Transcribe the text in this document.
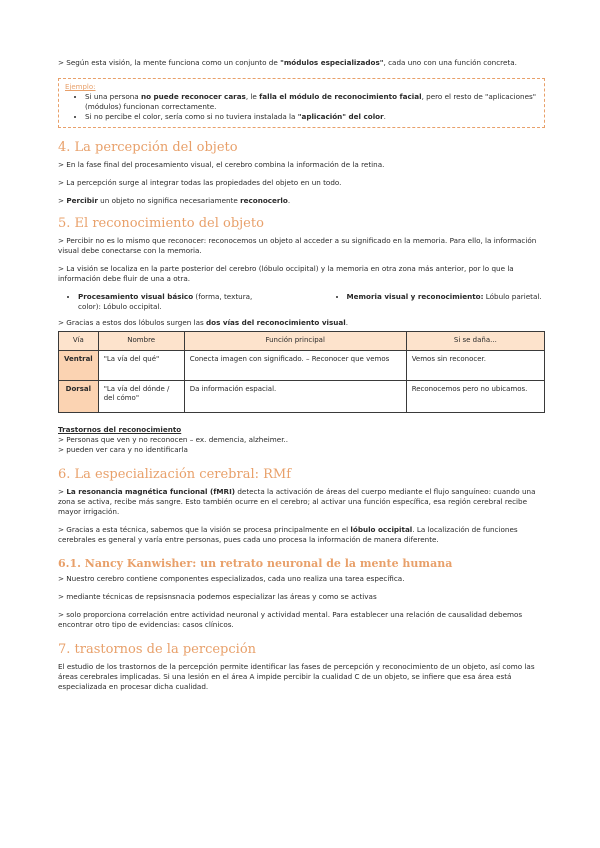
> Según esta visión, la mente funciona como un conjunto de "módulos especializados", cada uno con una función concreta.

Ejemplo:
• Si una persona no puede reconocer caras, le falla el módulo de reconocimiento facial, pero el resto de "aplicaciones" (módulos) funcionan correctamente.
• Si no percibe el color, sería como si no tuviera instalada la "aplicación" del color.
4. La percepción del objeto

> En la fase final del procesamiento visual, el cerebro combina la información de la retina.

> La percepción surge al integrar todas las propiedades del objeto en un todo.

> Percibir un objeto no significa necesariamente reconocerlo.

5. El reconocimiento del objeto

> Percibir no es lo mismo que reconocer: reconocemos un objeto al acceder a su significado en la memoria. Para ello, la información visual debe conectarse con la memoria.

> La visión se localiza en la parte posterior del cerebro (lóbulo occipital) y la memoria en otra zona más anterior, por lo que la información debe fluir de una a otra.

• Procesamiento visual básico (forma, textura, color): Lóbulo occipital.
• Memoria visual y reconocimiento: Lóbulo parietal.

> Gracias a estos dos lóbulos surgen las dos vías del reconocimiento visual.

Vía	Nombre	Función principal	Si se daña...
Ventral	"La vía del qué"	Conecta imagen con significado. – Reconocer que vemos	Vemos sin reconocer.
Dorsal	"La vía del dónde / del cómo"	Da información espacial.	Reconocemos pero no ubicamos.

Trastornos del reconocimiento

> Personas que ven y no reconocen – ex. demencia, alzheimer..

> pueden ver cara y no identificarla

6. La especialización cerebral: RMf

> La resonancia magnética funcional (fMRI) detecta la activación de áreas del cuerpo mediante el flujo sanguíneo: cuando una zona se activa, recibe más sangre. Esto también ocurre en el cerebro; al activar una función específica, esa región cerebral recibe mayor irrigación.

> Gracias a esta técnica, sabemos que la visión se procesa principalmente en el lóbulo occipital. La localización de funciones cerebrales es general y varía entre personas, pues cada uno procesa la información de manera diferente.

6.1. Nancy Kanwisher: un retrato neuronal de la mente humana

> Nuestro cerebro contiene componentes especializados, cada uno realiza una tarea específica.

> mediante técnicas de repsisnsnacia podemos especializar las áreas y como se activas

> solo proporciona correlación entre actividad neuronal y actividad mental. Para establecer una relación de causalidad debemos encontrar otro tipo de evidencias: casos clínicos.

7. trastornos de la percepción

El estudio de los trastornos de la percepción permite identificar las fases de percepción y reconocimiento de un objeto, así como las áreas cerebrales implicadas. Si una lesión en el área A impide percibir la cualidad C de un objeto, se infiere que esa área está especializada en procesar dicha cualidad.
